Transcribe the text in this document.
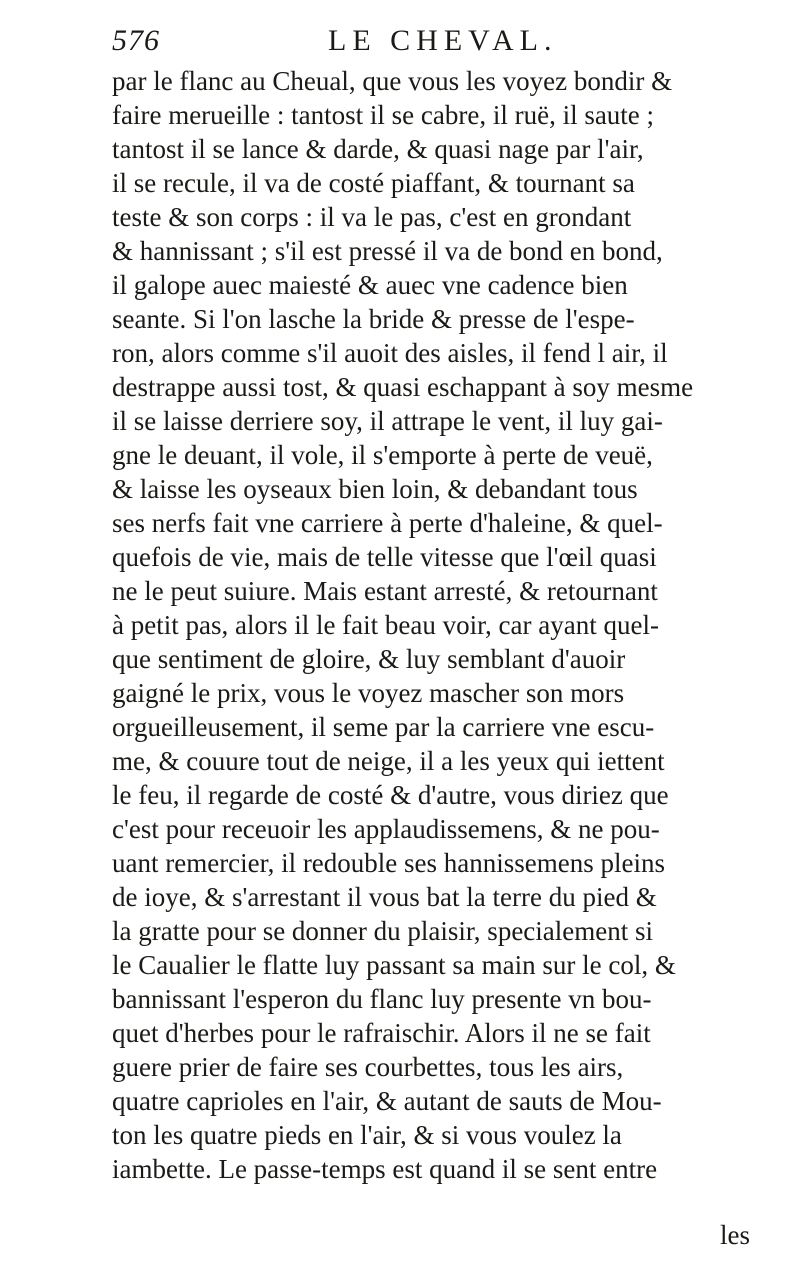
576	LE CHEVAL.
par le flanc au Cheual, que vous les voyez bondir &
faire merueille : tantost il se cabre, il ruë, il saute ;
tantost il se lance & darde, & quasi nage par l'air,
il se recule, il va de costé piaffant, & tournant sa
teste & son corps : il va le pas, c'est en grondant
& hannissant ; s'il est pressé il va de bond en bond,
il galope auec maiesté & auec vne cadence bien
seante. Si l'on lasche la bride & presse de l'espe-
ron, alors comme s'il auoit des aisles, il fend l air, il
destrappe aussi tost, & quasi eschappant à soy mesme
il se laisse derriere soy, il attrape le vent, il luy gai-
gne le deuant, il vole, il s'emporte à perte de veuë,
& laisse les oyseaux bien loin, & debandant tous
ses nerfs fait vne carriere à perte d'haleine, & quel-
quefois de vie, mais de telle vitesse que l'œil quasi
ne le peut suiure. Mais estant arresté, & retournant
à petit pas, alors il le fait beau voir, car ayant quel-
que sentiment de gloire, & luy semblant d'auoir
gaigné le prix, vous le voyez mascher son mors
orgueilleusement, il seme par la carriere vne escu-
me, & couure tout de neige, il a les yeux qui iettent
le feu, il regarde de costé & d'autre, vous diriez que
c'est pour receuoir les applaudissemens, & ne pou-
uant remercier, il redouble ses hannissemens pleins
de ioye, & s'arrestant il vous bat la terre du pied &
la gratte pour se donner du plaisir, specialement si
le Caualier le flatte luy passant sa main sur le col, &
bannissant l'esperon du flanc luy presente vn bou-
quet d'herbes pour le rafraischir. Alors il ne se fait
guere prier de faire ses courbettes, tous les airs,
quatre caprioles en l'air, & autant de sauts de Mou-
ton les quatre pieds en l'air, & si vous voulez la
iambette. Le passe-temps est quand il se sent entre
les
